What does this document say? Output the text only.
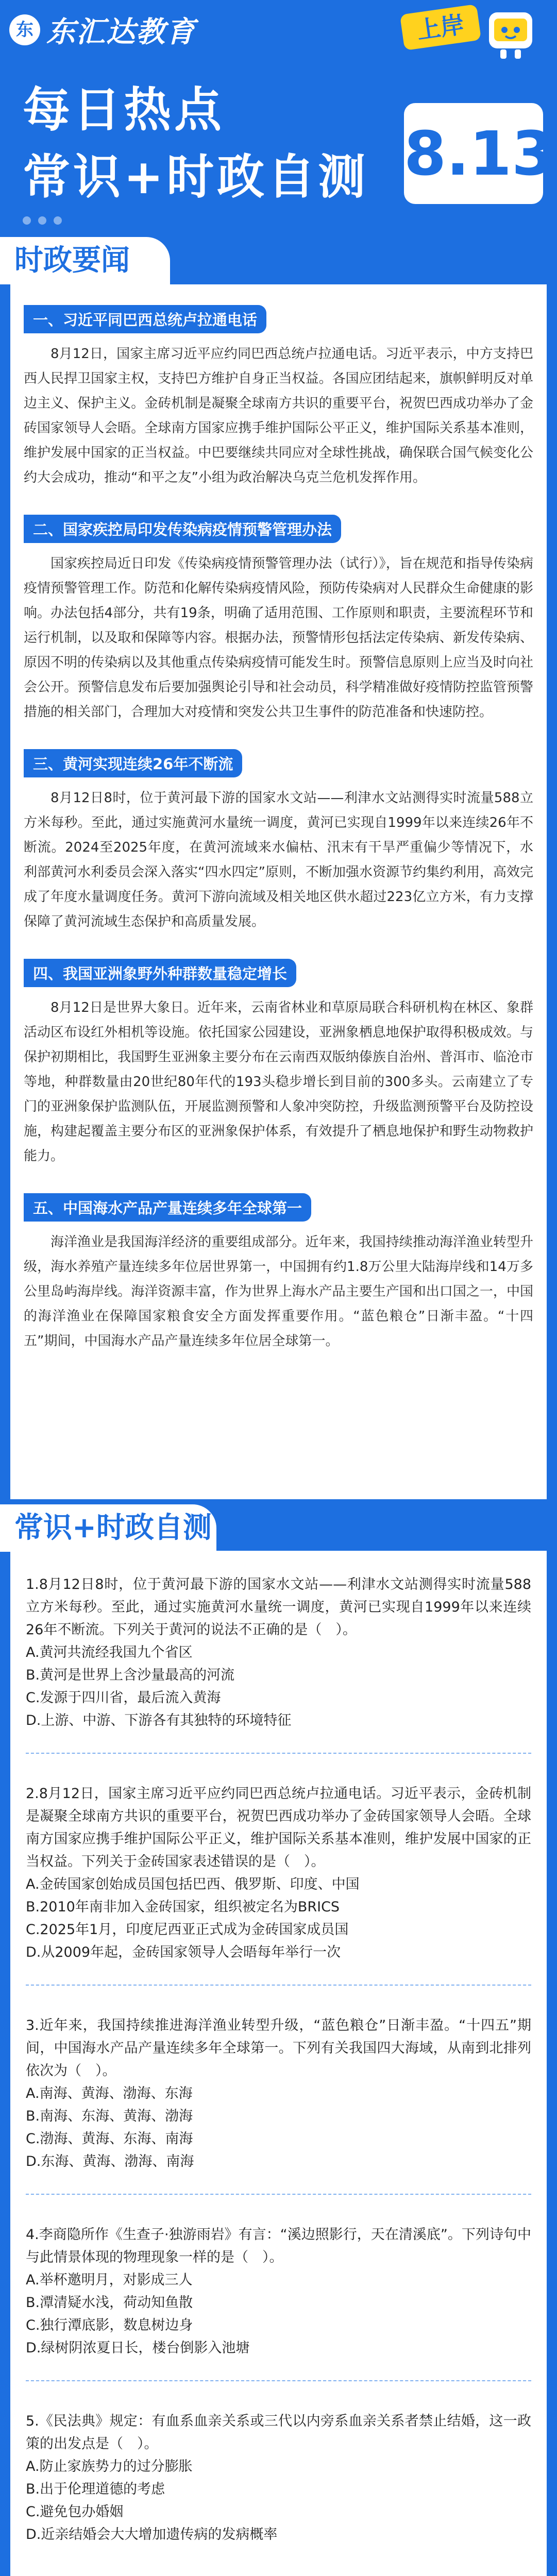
东 东汇达教育	上岸
每日热点
常识+时政自测 8.13
时政要闻
一、习近平同巴西总统卢拉通电话
8月12日，国家主席习近平应约同巴西总统卢拉通电话。习近平表示，中方支持巴西人民捍卫国家主权，支持巴方维护自身正当权益。各国应团结起来，旗帜鲜明反对单边主义、保护主义。金砖机制是凝聚全球南方共识的重要平台，祝贺巴西成功举办了金砖国家领导人会晤。全球南方国家应携手维护国际公平正义，维护国际关系基本准则，维护发展中国家的正当权益。中巴要继续共同应对全球性挑战，确保联合国气候变化公约大会成功，推动“和平之友”小组为政治解决乌克兰危机发挥作用。
二、国家疾控局印发传染病疫情预警管理办法
国家疾控局近日印发《传染病疫情预警管理办法（试行）》，旨在规范和指导传染病疫情预警管理工作。防范和化解传染病疫情风险，预防传染病对人民群众生命健康的影响。办法包括4部分，共有19条，明确了适用范围、工作原则和职责，主要流程环节和运行机制，以及取和保障等内容。根据办法，预警情形包括法定传染病、新发传染病、原因不明的传染病以及其他重点传染病疫情可能发生时。预警信息原则上应当及时向社会公开。预警信息发布后要加强舆论引导和社会动员，科学精准做好疫情防控监管预警措施的相关部门，合理加大对疫情和突发公共卫生事件的防范准备和快速防控。
三、黄河实现连续26年不断流
8月12日8时，位于黄河最下游的国家水文站——利津水文站测得实时流量588立方米每秒。至此，通过实施黄河水量统一调度，黄河已实现自1999年以来连续26年不断流。2024至2025年度，在黄河流域来水偏枯、汛末有干旱严重偏少等情况下，水利部黄河水利委员会深入落实“四水四定”原则，不断加强水资源节约集约利用，高效完成了年度水量调度任务。黄河下游向流域及相关地区供水超过223亿立方米，有力支撑保障了黄河流域生态保护和高质量发展。
四、我国亚洲象野外种群数量稳定增长
8月12日是世界大象日。近年来，云南省林业和草原局联合科研机构在林区、象群活动区布设红外相机等设施。依托国家公园建设，亚洲象栖息地保护取得积极成效。与保护初期相比，我国野生亚洲象主要分布在云南西双版纳傣族自治州、普洱市、临沧市等地，种群数量由20世纪80年代的193头稳步增长到目前的300多头。云南建立了专门的亚洲象保护监测队伍，开展监测预警和人象冲突防控，升级监测预警平台及防控设施，构建起覆盖主要分布区的亚洲象保护体系，有效提升了栖息地保护和野生动物救护能力。
五、中国海水产品产量连续多年全球第一
海洋渔业是我国海洋经济的重要组成部分。近年来，我国持续推动海洋渔业转型升级，海水养殖产量连续多年位居世界第一，中国拥有约1.8万公里大陆海岸线和14万多公里岛屿海岸线。海洋资源丰富，作为世界上海水产品主要生产国和出口国之一，中国的海洋渔业在保障国家粮食安全方面发挥重要作用。“蓝色粮仓”日渐丰盈。“十四五”期间，中国海水产品产量连续多年位居全球第一。
常识+时政自测
1.8月12日8时，位于黄河最下游的国家水文站——利津水文站测得实时流量588立方米每秒。至此，通过实施黄河水量统一调度，黄河已实现自1999年以来连续26年不断流。下列关于黄河的说法不正确的是（　）。
A.黄河共流经我国九个省区
B.黄河是世界上含沙量最高的河流
C.发源于四川省，最后流入黄海
D.上游、中游、下游各有其独特的环境特征
2.8月12日，国家主席习近平应约同巴西总统卢拉通电话。习近平表示，金砖机制是凝聚全球南方共识的重要平台，祝贺巴西成功举办了金砖国家领导人会晤。全球南方国家应携手维护国际公平正义，维护国际关系基本准则，维护发展中国家的正当权益。下列关于金砖国家表述错误的是（　）。
A.金砖国家创始成员国包括巴西、俄罗斯、印度、中国
B.2010年南非加入金砖国家，组织被定名为BRICS
C.2025年1月，印度尼西亚正式成为金砖国家成员国
D.从2009年起，金砖国家领导人会晤每年举行一次
3.近年来，我国持续推进海洋渔业转型升级，“蓝色粮仓”日渐丰盈。“十四五”期间，中国海水产品产量连续多年全球第一。下列有关我国四大海域，从南到北排列依次为（　）。
A.南海、黄海、渤海、东海
B.南海、东海、黄海、渤海
C.渤海、黄海、东海、南海
D.东海、黄海、渤海、南海
4.李商隐所作《生查子·独游雨岩》有言：“溪边照影行，天在清溪底”。下列诗句中与此情景体现的物理现象一样的是（　）。
A.举杯邀明月，对影成三人
B.潭清疑水浅，荷动知鱼散
C.独行潭底影，数息树边身
D.绿树阴浓夏日长，楼台倒影入池塘
5.《民法典》规定：有血系血亲关系或三代以内旁系血亲关系者禁止结婚，这一政策的出发点是（　）。
A.防止家族势力的过分膨胀
B.出于伦理道德的考虑
C.避免包办婚姻
D.近亲结婚会大大增加遗传病的发病概率
